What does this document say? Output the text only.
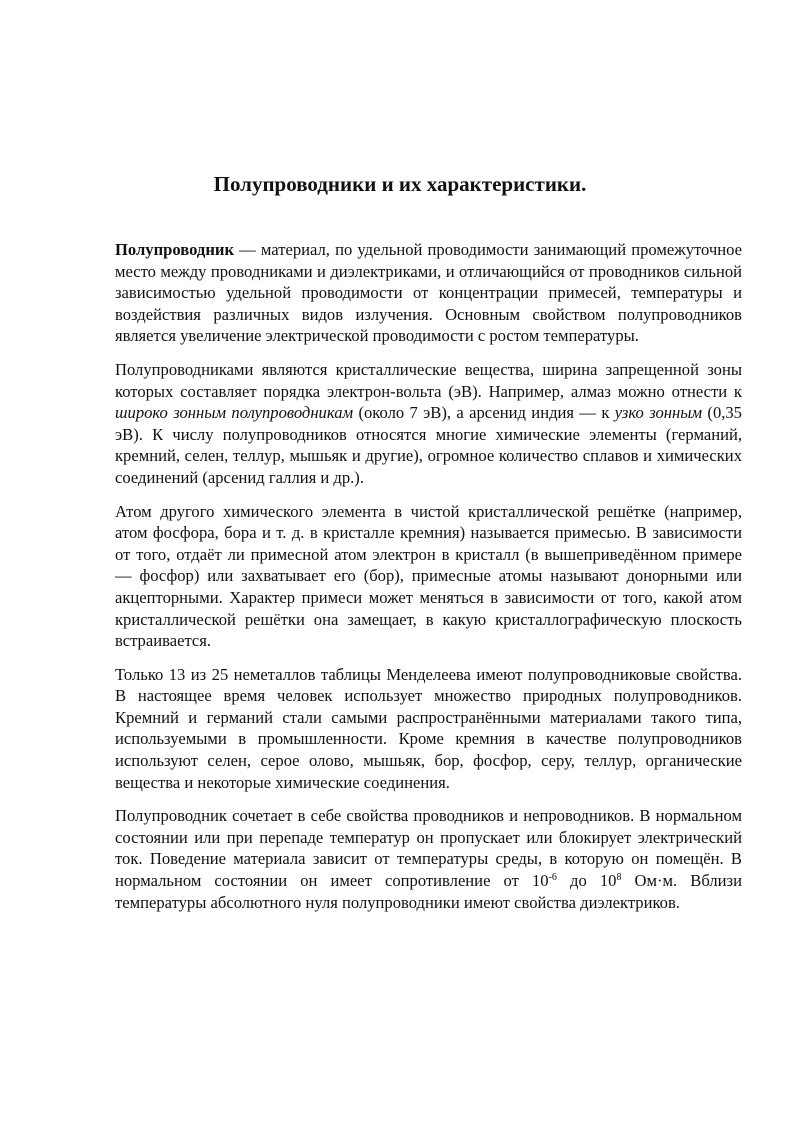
Полупроводники и их характеристики.

Полупроводник — материал, по удельной проводимости занимающий промежуточное место между проводниками и диэлектриками, и отличающийся от проводников сильной зависимостью удельной проводимости от концентрации примесей, температуры и воздействия различных видов излучения. Основным свойством полупроводников является увеличение электрической проводимости с ростом температуры.

Полупроводниками являются кристаллические вещества, ширина запрещенной зоны которых составляет порядка электрон-вольта (эВ). Например, алмаз можно отнести к широко зонным полупроводникам (около 7 эВ), а арсенид индия — к узко зонным (0,35 эВ). К числу полупроводников относятся многие химические элементы (германий, кремний, селен, теллур, мышьяк и другие), огромное количество сплавов и химических соединений (арсенид галлия и др.).

Атом другого химического элемента в чистой кристаллической решётке (например, атом фосфора, бора и т. д. в кристалле кремния) называется примесью. В зависимости от того, отдаёт ли примесной атом электрон в кристалл (в вышеприведённом примере — фосфор) или захватывает его (бор), примесные атомы называют донорными или акцепторными. Характер примеси может меняться в зависимости от того, какой атом кристаллической решётки она замещает, в какую кристаллографическую плоскость встраивается.

Только 13 из 25 неметаллов таблицы Менделеева имеют полупроводниковые свойства. В настоящее время человек использует множество природных полупроводников. Кремний и германий стали самыми распространёнными материалами такого типа, используемыми в промышленности. Кроме кремния в качестве полупроводников используют селен, серое олово, мышьяк, бор, фосфор, серу, теллур, органические вещества и некоторые химические соединения.

Полупроводник сочетает в себе свойства проводников и непроводников. В нормальном состоянии или при перепаде температур он пропускает или блокирует электрический ток. Поведение материала зависит от температуры среды, в которую он помещён. В нормальном состоянии он имеет сопротивление от $10^{-6}$ до $10^8$ Ом·м. Вблизи температуры абсолютного нуля полупроводники имеют свойства диэлектриков.
